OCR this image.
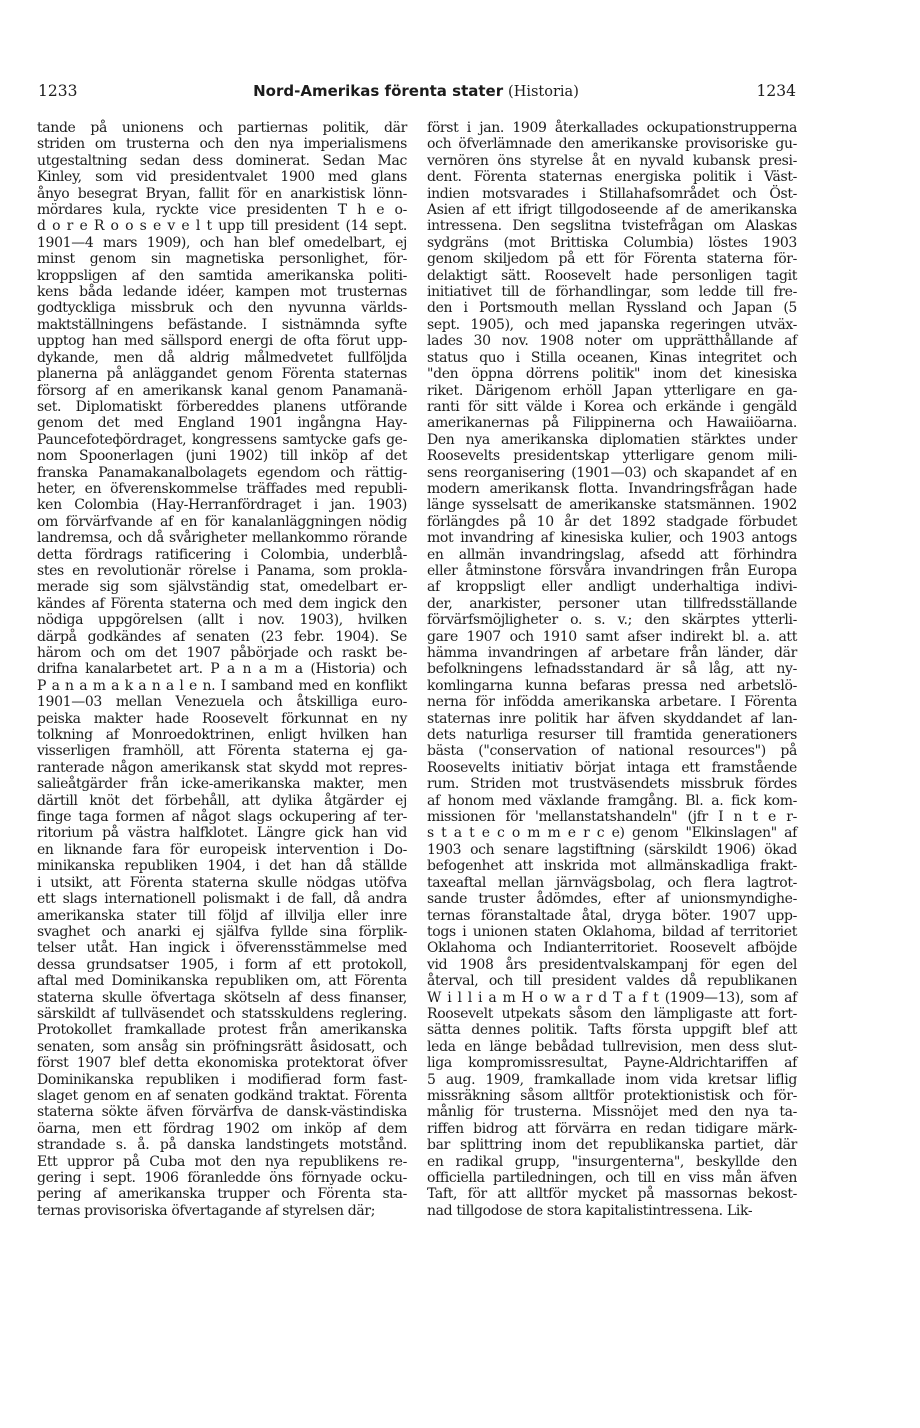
1233	Nord-Amerikas förenta stater (Historia)	1234
tande på unionens och partiernas politik, där
striden om trusterna och den nya imperialismens
utgestaltning sedan dess dominerat. Sedan Mac
Kinley, som vid presidentvalet 1900 med glans
ånyo besegrat Bryan, fallit för en anarkistisk lönn-
mördares kula, ryckte vice presidenten T h e o-
d o r e R o o s e v e l t upp till president (14 sept.
1901—4 mars 1909), och han blef omedelbart, ej
minst genom sin magnetiska personlighet, för-
kroppsligen af den samtida amerikanska politi-
kens båda ledande idéer, kampen mot trusternas
godtyckliga missbruk och den nyvunna världs-
maktställningens befästande. I sistnämnda syfte
upptog han med sällspord energi de ofta förut upp-
dykande, men då aldrig målmedvetet fullföljda
planerna på anläggandet genom Förenta staternas
försorg af en amerikansk kanal genom Panamanä-
set. Diplomatiskt förbereddes planens utförande
genom det med England 1901 ingångna Hay-
Pauncefoteфördraget, kongressens samtycke gafs ge-
nom Spoonerlagen (juni 1902) till inköp af det
franska Panamakanalbolagets egendom och rättig-
heter, en öfverenskommelse träffades med republi-
ken Colombia (Hay-Herranfördraget i jan. 1903)
om förvärfvande af en för kanalanläggningen nödig
landremsa, och då svårigheter mellankommo rörande
detta fördrags ratificering i Colombia, underblå-
stes en revolutionär rörelse i Panama, som prokla-
merade sig som självständig stat, omedelbart er-
kändes af Förenta staterna och med dem ingick den
nödiga uppgörelsen (allt i nov. 1903), hvilken
därpå godkändes af senaten (23 febr. 1904). Se
härom och om det 1907 påbörjade och raskt be-
drifna kanalarbetet art. P a n a m a (Historia) och
P a n a m a k a n a l e n. I samband med en konflikt
1901—03 mellan Venezuela och åtskilliga euro-
peiska makter hade Roosevelt förkunnat en ny
tolkning af Monroedoktrinen, enligt hvilken han
visserligen framhöll, att Förenta staterna ej ga-
ranterade någon amerikansk stat skydd mot repres-
salieåtgärder från icke-amerikanska makter, men
därtill knöt det förbehåll, att dylika åtgärder ej
finge taga formen af något slags ockupering af ter-
ritorium på västra halfklotet. Längre gick han vid
en liknande fara för europeisk intervention i Do-
minikanska republiken 1904, i det han då ställde
i utsikt, att Förenta staterna skulle nödgas utöfva
ett slags internationell polismakt i de fall, då andra
amerikanska stater till följd af illvilja eller inre
svaghet och anarki ej själfva fyllde sina förplik-
telser utåt. Han ingick i öfverensstämmelse med
dessa grundsatser 1905, i form af ett protokoll,
aftal med Dominikanska republiken om, att Förenta
staterna skulle öfvertaga skötseln af dess finanser,
särskildt af tullväsendet och statsskuldens reglering.
Protokollet framkallade protest från amerikanska
senaten, som ansåg sin pröfningsrätt åsidosatt, och
först 1907 blef detta ekonomiska protektorat öfver
Dominikanska republiken i modifierad form fast-
slaget genom en af senaten godkänd traktat. Förenta
staterna sökte äfven förvärfva de dansk-västindiska
öarna, men ett fördrag 1902 om inköp af dem
strandade s. å. på danska landstingets motstånd.
Ett uppror på Cuba mot den nya republikens re-
gering i sept. 1906 föranledde öns förnyade ocku-
pering af amerikanska trupper och Förenta sta-
ternas provisoriska öfvertagande af styrelsen där;
först i jan. 1909 återkallades ockupationstrupperna
och öfverlämnade den amerikanske provisoriske gu-
vernören öns styrelse åt en nyvald kubansk presi-
dent. Förenta staternas energiska politik i Väst-
indien motsvarades i Stillahafsområdet och Öst-
Asien af ett ifrigt tillgodoseende af de amerikanska
intressena. Den segslitna tvistefrågan om Alaskas
sydgräns (mot Brittiska Columbia) löstes 1903
genom skiljedom på ett för Förenta staterna för-
delaktigt sätt. Roosevelt hade personligen tagit
initiativet till de förhandlingar, som ledde till fre-
den i Portsmouth mellan Ryssland och Japan (5
sept. 1905), och med japanska regeringen utväx-
lades 30 nov. 1908 noter om upprätthållande af
status quo i Stilla oceanen, Kinas integritet och
"den öppna dörrens politik" inom det kinesiska
riket. Därigenom erhöll Japan ytterligare en ga-
ranti för sitt välde i Korea och erkände i gengäld
amerikanernas på Filippinerna och Hawaiiöarna.
Den nya amerikanska diplomatien stärktes under
Roosevelts presidentskap ytterligare genom mili-
sens reorganisering (1901—03) och skapandet af en
modern amerikansk flotta. Invandringsfrågan hade
länge sysselsatt de amerikanske statsmännen. 1902
förlängdes på 10 år det 1892 stadgade förbudet
mot invandring af kinesiska kulier, och 1903 antogs
en allmän invandringslag, afsedd att förhindra
eller åtminstone försvåra invandringen från Europa
af kroppsligt eller andligt underhaltiga indivi-
der, anarkister, personer utan tillfredsställande
förvärfsmöjligheter o. s. v.; den skärptes ytterli-
gare 1907 och 1910 samt afser indirekt bl. a. att
hämma invandringen af arbetare från länder, där
befolkningens lefnadsstandard är så låg, att ny-
komlingarna kunna befaras pressa ned arbetslö-
nerna för infödda amerikanska arbetare. I Förenta
staternas inre politik har äfven skyddandet af lan-
dets naturliga resurser till framtida generationers
bästa ("conservation of national resources") på
Roosevelts initiativ börjat intaga ett framstående
rum. Striden mot trustväsendets missbruk fördes
af honom med växlande framgång. Bl. a. fick kom-
missionen för 'mellanstatshandeln" (jfr I n t e r-
s t a t e c o m m e r c e) genom "Elkinslagen" af
1903 och senare lagstiftning (särskildt 1906) ökad
befogenhet att inskrida mot allmänskadliga frakt-
taxeaftal mellan järnvägsbolag, och flera lagtrot-
sande truster ådömdes, efter af unionsmyndighe-
ternas föranstaltade åtal, dryga böter. 1907 upp-
togs i unionen staten Oklahoma, bildad af territoriet
Oklahoma och Indianterritoriet. Roosevelt afböjde
vid 1908 års presidentvalskampanj för egen del
återval, och till president valdes då republikanen
W i l l i a m H o w a r d T a f t (1909—13), som af
Roosevelt utpekats såsom den lämpligaste att fort-
sätta dennes politik. Tafts första uppgift blef att
leda en länge bebådad tullrevision, men dess slut-
liga kompromissresultat, Payne-Aldrichtariffen af
5 aug. 1909, framkallade inom vida kretsar liflig
missräkning såsom alltför protektionistisk och för-
månlig för trusterna. Missnöjet med den nya ta-
riffen bidrog att förvärra en redan tidigare märk-
bar splittring inom det republikanska partiet, där
en radikal grupp, "insurgenterna", beskyllde den
officiella partiledningen, och till en viss mån äfven
Taft, för att alltför mycket på massornas bekost-
nad tillgodose de stora kapitalistintressena. Lik-
